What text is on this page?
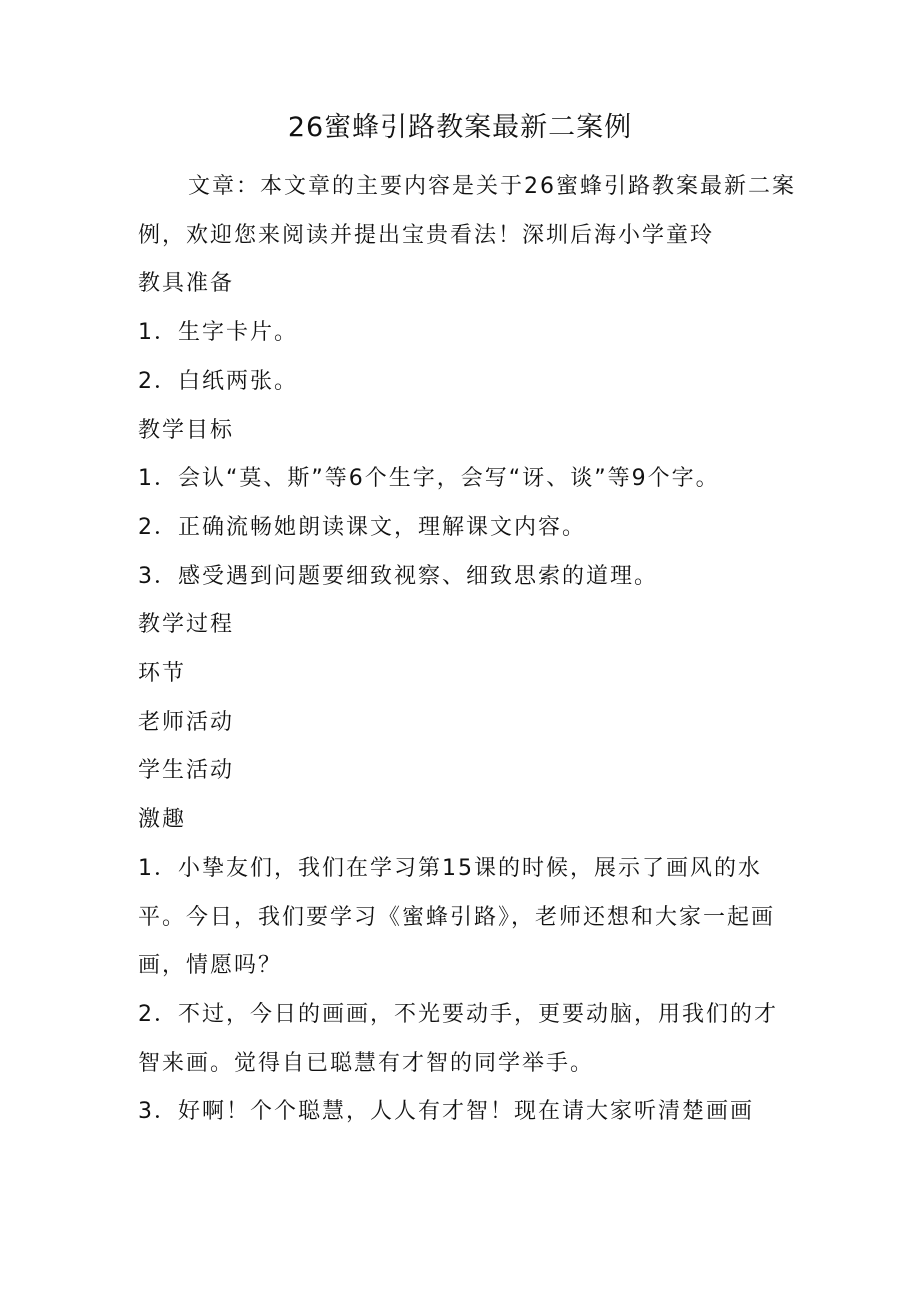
26蜜蜂引路教案最新二案例

文章：本文章的主要内容是关于26蜜蜂引路教案最新二案例，欢迎您来阅读并提出宝贵看法！深圳后海小学童玲

教具准备

1．生字卡片。

2．白纸两张。

教学目标

1．会认“莫、斯”等6个生字，会写“讶、谈”等9个字。

2．正确流畅她朗读课文，理解课文内容。

3．感受遇到问题要细致视察、细致思索的道理。

教学过程

环节

老师活动

学生活动

激趣

1．小挚友们，我们在学习第15课的时候，展示了画风的水平。今日，我们要学习《蜜蜂引路》，老师还想和大家一起画画，情愿吗？

2．不过，今日的画画，不光要动手，更要动脑，用我们的才智来画。觉得自已聪慧有才智的同学举手。

3．好啊！个个聪慧，人人有才智！现在请大家听清楚画画
